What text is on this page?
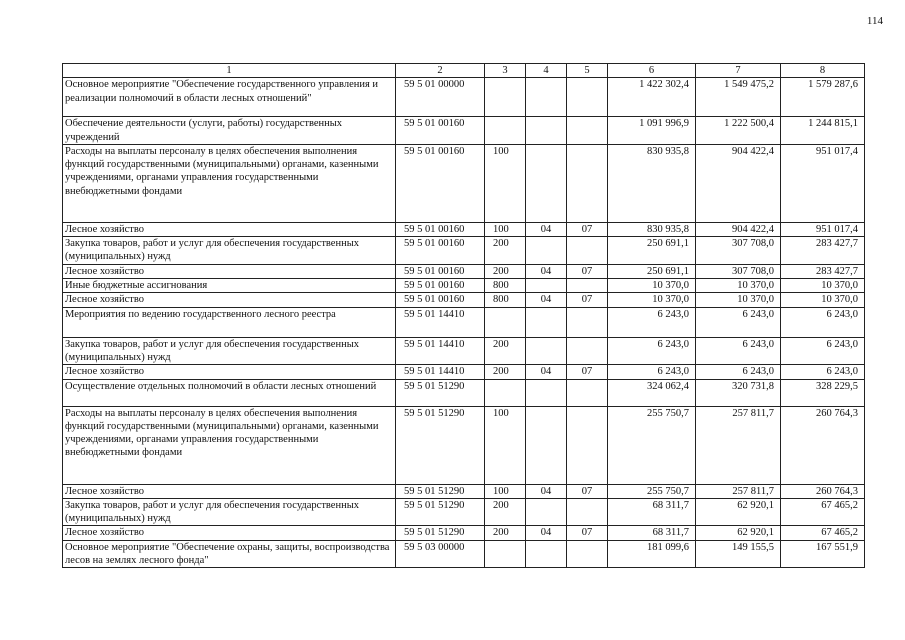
114
1	2	3	4	5	6	7	8
Основное мероприятие "Обеспечение государственного управления и реализации полномочий в области лесных отношений"	59 5 01 00000				1 422 302,4	1 549 475,2	1 579 287,6
Обеспечение деятельности (услуги, работы) государственных учреждений	59 5 01 00160				1 091 996,9	1 222 500,4	1 244 815,1
Расходы на выплаты персоналу в целях обеспечения выполнения функций государственными (муниципальными) органами, казенными учреждениями, органами управления государственными внебюджетными фондами	59 5 01 00160	100			830 935,8	904 422,4	951 017,4
Лесное хозяйство	59 5 01 00160	100	04	07	830 935,8	904 422,4	951 017,4
Закупка товаров, работ и услуг для обеспечения государственных (муниципальных) нужд	59 5 01 00160	200			250 691,1	307 708,0	283 427,7
Лесное хозяйство	59 5 01 00160	200	04	07	250 691,1	307 708,0	283 427,7
Иные бюджетные ассигнования	59 5 01 00160	800			10 370,0	10 370,0	10 370,0
Лесное хозяйство	59 5 01 00160	800	04	07	10 370,0	10 370,0	10 370,0
Мероприятия по ведению государственного лесного реестра	59 5 01 14410				6 243,0	6 243,0	6 243,0
Закупка товаров, работ и услуг для обеспечения государственных (муниципальных) нужд	59 5 01 14410	200			6 243,0	6 243,0	6 243,0
Лесное хозяйство	59 5 01 14410	200	04	07	6 243,0	6 243,0	6 243,0
Осуществление отдельных полномочий в области лесных отношений	59 5 01 51290				324 062,4	320 731,8	328 229,5
Расходы на выплаты персоналу в целях обеспечения выполнения функций государственными (муниципальными) органами, казенными учреждениями, органами управления государственными внебюджетными фондами	59 5 01 51290	100			255 750,7	257 811,7	260 764,3
Лесное хозяйство	59 5 01 51290	100	04	07	255 750,7	257 811,7	260 764,3
Закупка товаров, работ и услуг для обеспечения государственных (муниципальных) нужд	59 5 01 51290	200			68 311,7	62 920,1	67 465,2
Лесное хозяйство	59 5 01 51290	200	04	07	68 311,7	62 920,1	67 465,2
Основное мероприятие "Обеспечение охраны, защиты, воспроизводства лесов на землях лесного фонда"	59 5 03 00000				181 099,6	149 155,5	167 551,9
